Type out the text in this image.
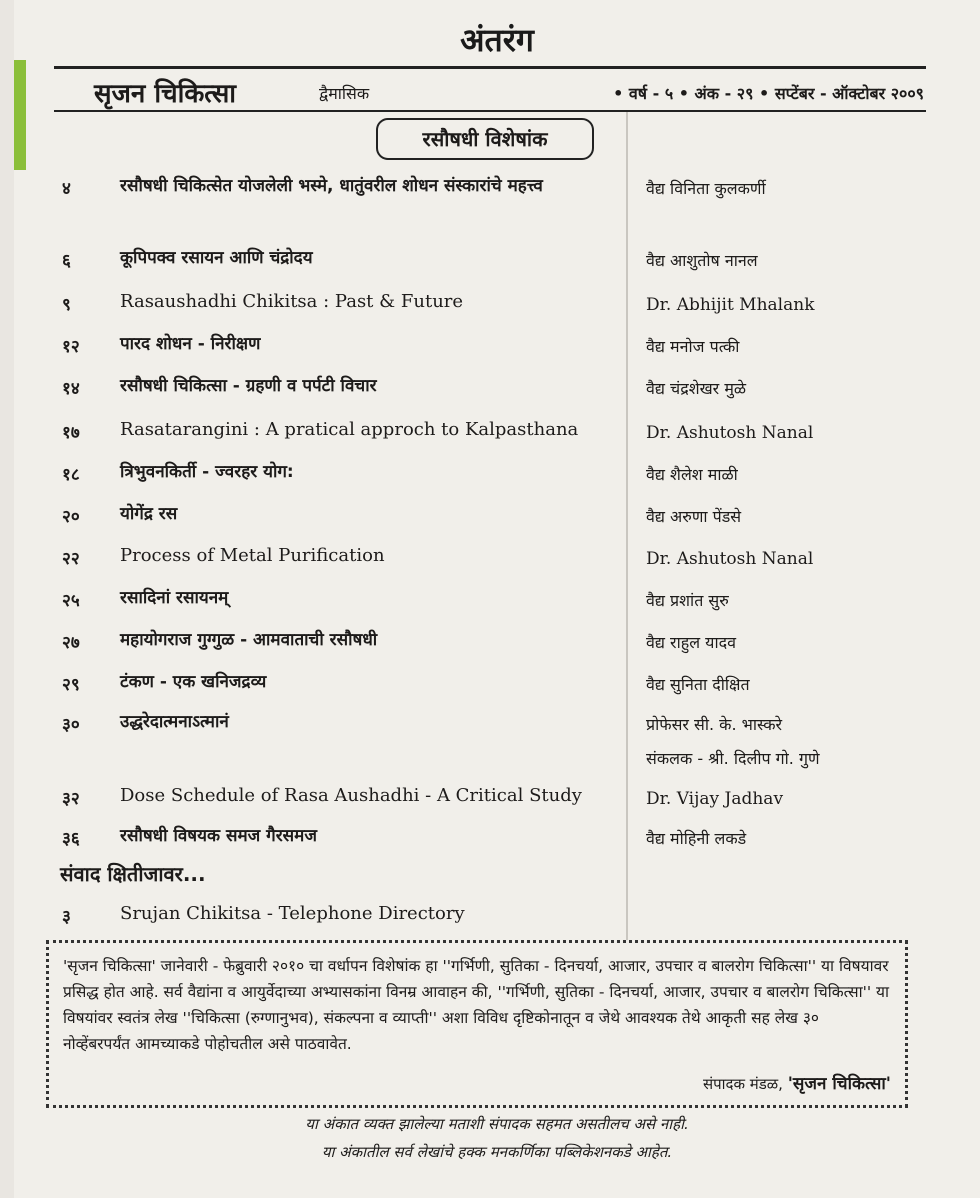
अंतरंग
सृजन चिकित्सा	द्वैमासिक	• वर्ष - ५ • अंक - २९ • सप्टेंबर - ऑक्टोबर २००९
रसौषधी विशेषांक
४	रसौषधी चिकित्सेत योजलेली भस्मे, धातुंवरील शोधन संस्कारांचे महत्त्व	वैद्य विनिता कुलकर्णी
६	कूपिपक्व रसायन आणि चंद्रोदय	वैद्य आशुतोष नानल
९	Rasaushadhi Chikitsa : Past & Future	Dr. Abhijit Mhalank
१२ पारद शोधन - निरीक्षण	वैद्य मनोज पत्की
१४ रसौषधी चिकित्सा - ग्रहणी व पर्पटी विचार	वैद्य चंद्रशेखर मुळे
१७ Rasatarangini : A pratical approch to Kalpasthana	Dr. Ashutosh Nanal
१८ त्रिभुवनकिर्ती - ज्वरहर योग:	वैद्य शैलेश माळी
२० योगेंद्र रस	वैद्य अरुणा पेंडसे
२२ Process of Metal Purification	Dr. Ashutosh Nanal
२५ रसादिनां रसायनम्	वैद्य प्रशांत सुरु
२७ महायोगराज गुग्गुळ - आमवाताची रसौषधी	वैद्य राहुल यादव
२९ टंकण - एक खनिजद्रव्य	वैद्य सुनिता दीक्षित
३० उद्धरेदात्मनाऽत्मानं	प्रोफेसर सी. के. भास्करे
संकलक - श्री. दिलीप गो. गुणे
३२ Dose Schedule of Rasa Aushadhi - A Critical Study	Dr. Vijay Jadhav
३६ रसौषधी विषयक समज गैरसमज	वैद्य मोहिनी लकडे
संवाद क्षितीजावर...
३	Srujan Chikitsa - Telephone Directory
'सृजन चिकित्सा' जानेवारी - फेब्रुवारी २०१० चा वर्धापन विशेषांक हा ''गर्भिणी, सुतिका - दिनचर्या, आजार, उपचार व बालरोग चिकित्सा'' या विषयावर प्रसिद्ध होत आहे. सर्व वैद्यांना व आयुर्वेदाच्या अभ्यासकांना विनम्र आवाहन की, ''गर्भिणी, सुतिका - दिनचर्या, आजार, उपचार व बालरोग चिकित्सा'' या विषयांवर स्वतंत्र लेख ''चिकित्सा (रुग्णानुभव), संकल्पना व व्याप्ती'' अशा विविध दृष्टिकोनातून व जेथे आवश्यक तेथे आकृती सह लेख ३० नोव्हेंबरपर्यंत आमच्याकडे पोहोचतील असे पाठवावेत.
संपादक मंडळ, 'सृजन चिकित्सा'
या अंकात व्यक्त झालेल्या मताशी संपादक सहमत असतीलच असे नाही.
या अंकातील सर्व लेखांचे हक्क मनकर्णिका पब्लिकेशनकडे आहेत.
